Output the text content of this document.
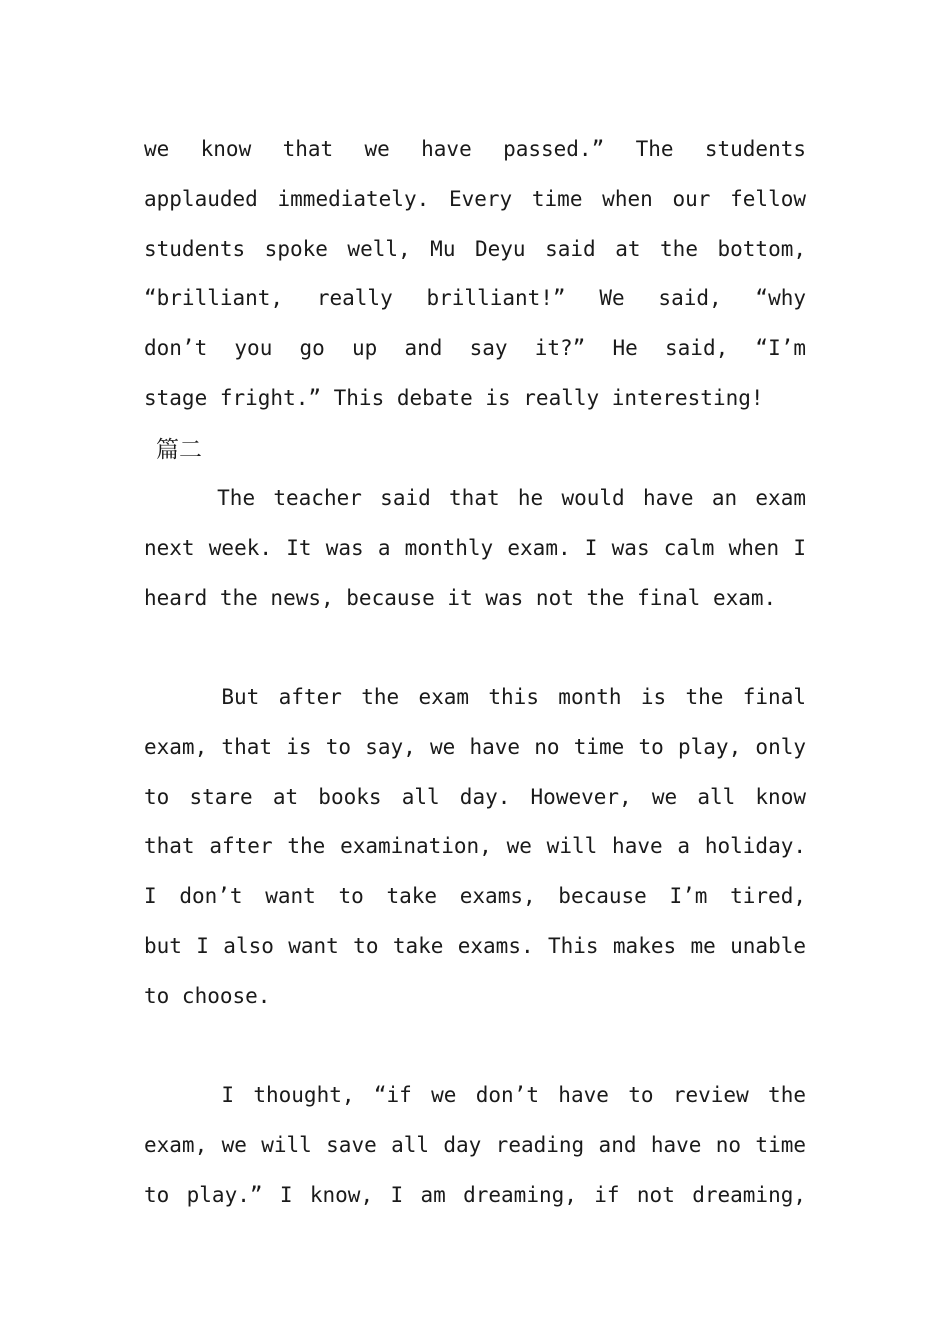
we know that we have passed.” The students
applauded immediately. Every time when our fellow
students spoke well, Mu Deyu said at the bottom,
“brilliant, really brilliant!” We said, “why
don’t you go up and say it?” He said, “I’m
stage fright.” This debate is really interesting!
篇二
The teacher said that he would have an exam
next week. It was a monthly exam. I was calm when I
heard the news, because it was not the final exam.
But after the exam this month is the final
exam, that is to say, we have no time to play, only
to stare at books all day. However, we all know
that after the examination, we will have a holiday.
I don’t want to take exams, because I’m tired,
but I also want to take exams. This makes me unable
to choose.
I thought, “if we don’t have to review the
exam, we will save all day reading and have no time
to play.” I know, I am dreaming, if not dreaming,
